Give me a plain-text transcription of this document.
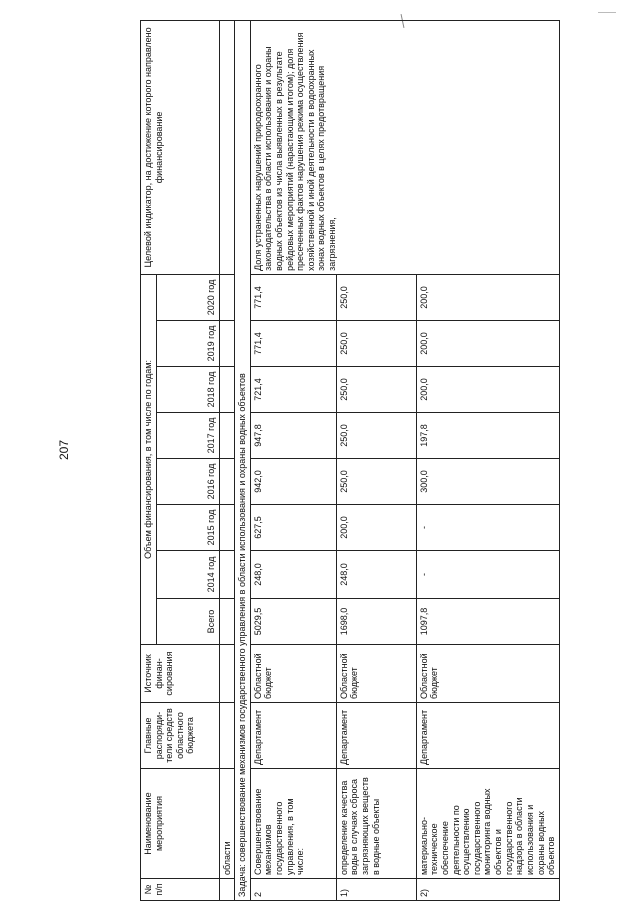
207
№ п/п	Наименование мероприятия	Главные распоряди-тели средств областного бюджета	Источник финан-сирования	Объем финансирования, в том числе по годам:								Целевой индикатор, на достижение которого направлено финансирование
				Всего	2014 год	2015 год	2016 год	2017 год	2018 год	2019 год	2020 год	
	области											
Задача: совершенствование механизмов государственного управления в области использования и охраны водных объектов												
2	Совершенствование механизмов государственного управления, в том числе:	Департамент	Областной бюджет	5029,5	248,0	627,5	942,0	947,8	721,4	771,4	771,4	Доля устраненных нарушений природоохранного законодательства в области использования и охраны водных объектов из числа выявленных в результате рейдовых мероприятий (нарастающим итогом); доля пресеченных фактов нарушения режима осуществления хозяйственной и иной деятельности в водоохранных зонах водных объектов в целях предотвращения загрязнения,
1)	определение качества воды в случаях сброса загрязняющих веществ в водные объекты	Департамент	Областной бюджет	1698,0	248,0	200,0	250,0	250,0	250,0	250,0	250,0	
2)	материально-техническое обеспечение деятельности по осуществлению государственного мониторинга водных объектов и государственного надзора в области использования и охраны водных объектов	Департамент	Областной бюджет	1097,8	-	-	300,0	197,8	200,0	200,0	200,0	
